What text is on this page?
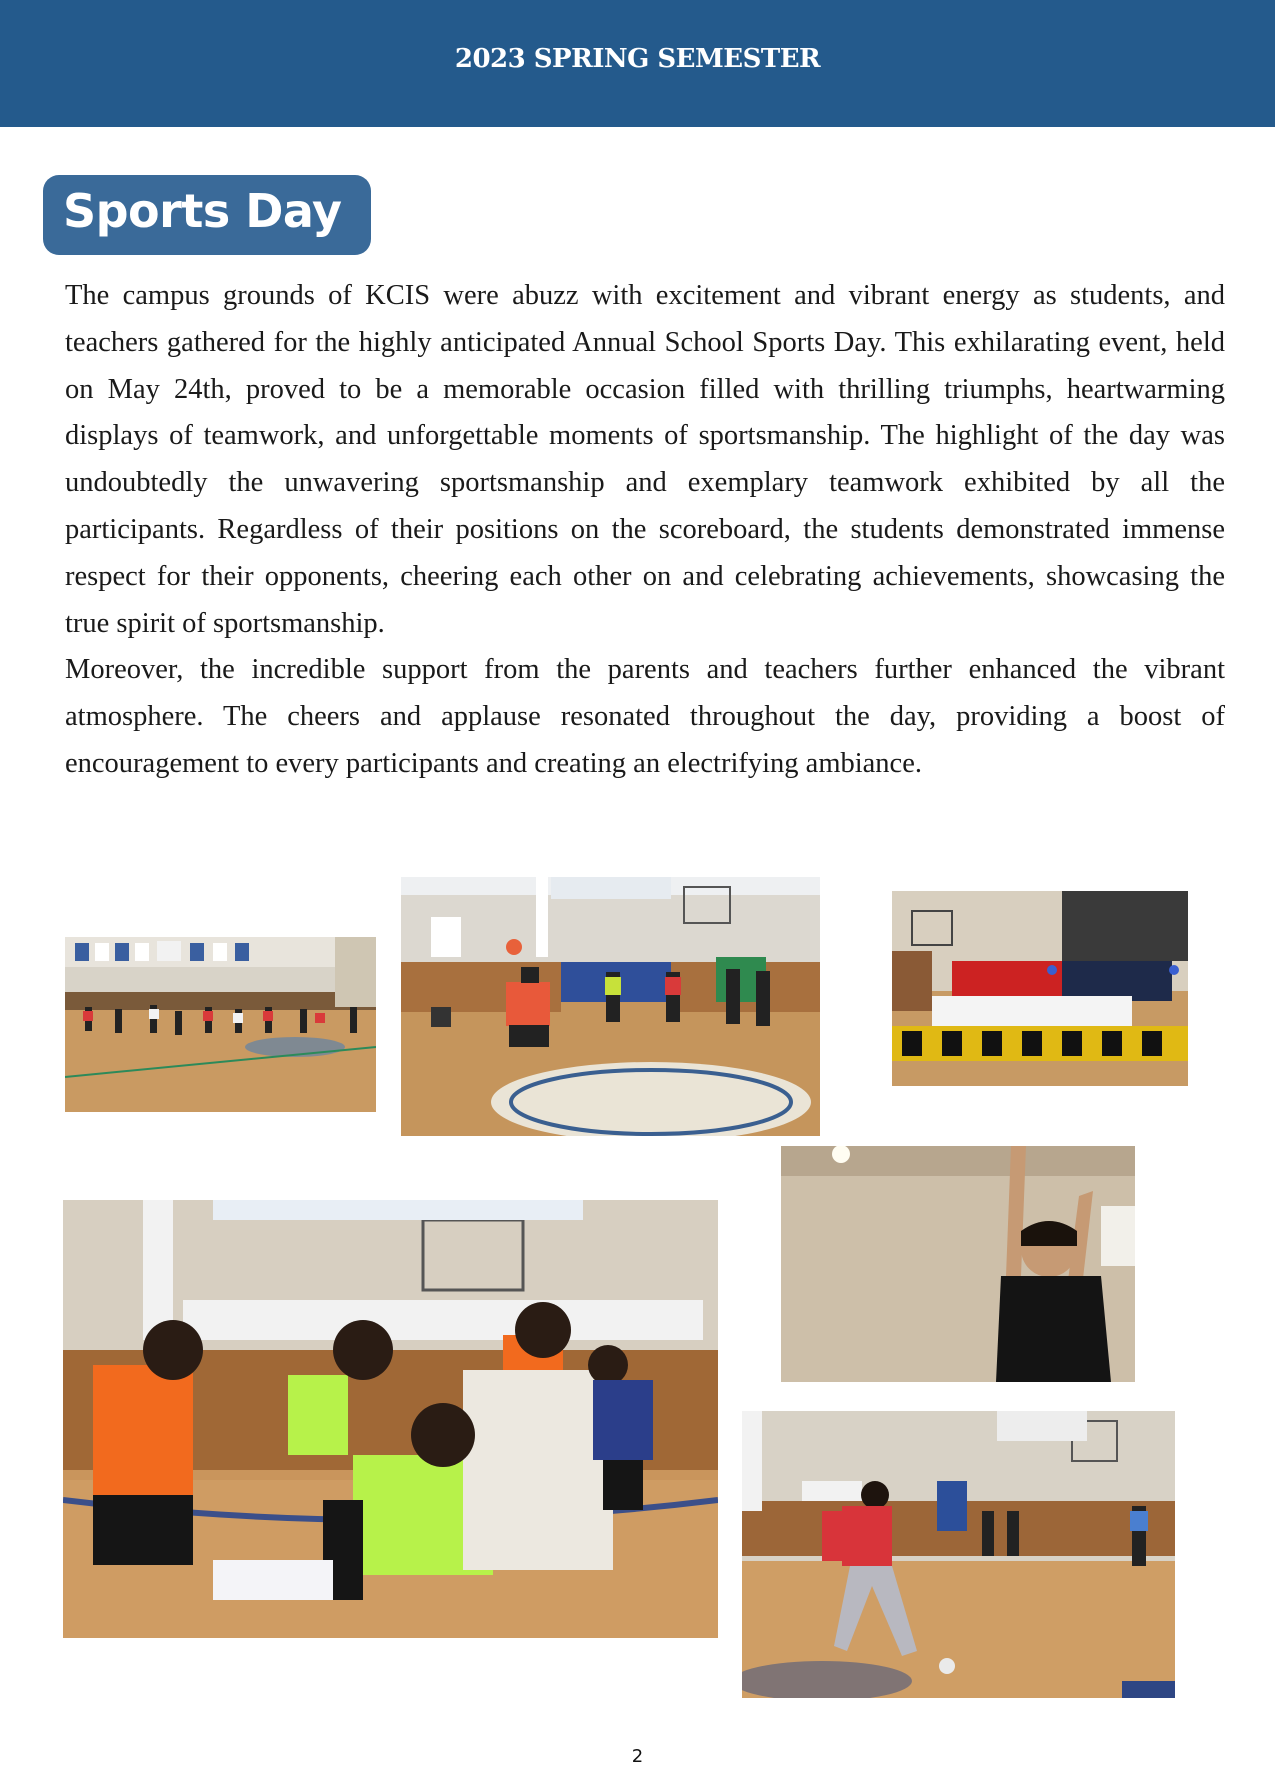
2023 SPRING SEMESTER
Sports Day

The campus grounds of KCIS were abuzz with excitement and vibrant energy as students, and teachers gathered for the highly anticipated Annual School Sports Day. This exhilarating event, held on May 24th, proved to be a memorable occasion filled with thrilling triumphs, heartwarming displays of teamwork, and unforgettable moments of sportsmanship. The highlight of the day was undoubtedly the unwavering sportsmanship and exemplary teamwork exhibited by all the participants. Regardless of their positions on the scoreboard, the students demonstrated immense respect for their opponents, cheering each other on and celebrating achievements, showcasing the true spirit of sportsmanship.

Moreover, the incredible support from the parents and teachers further enhanced the vibrant atmosphere. The cheers and applause resonated throughout the day, providing a boost of encouragement to every participants and creating an electrifying ambiance.

2
